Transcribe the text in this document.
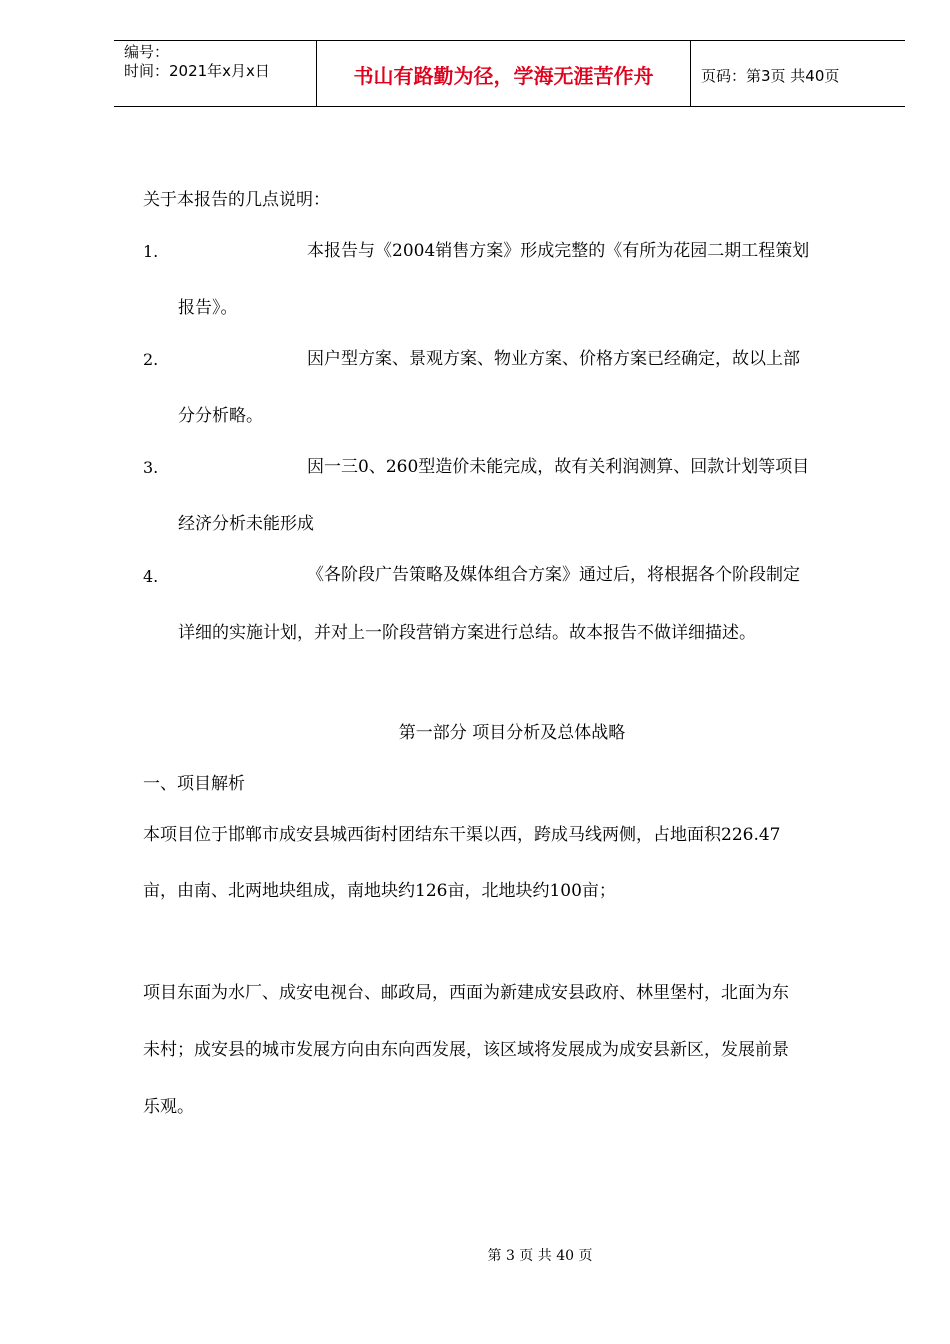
编号：
时间：2021年x月x日	书山有路勤为径，学海无涯苦作舟	页码：第3页 共40页
关于本报告的几点说明：
1.	本报告与《2004销售方案》形成完整的《有所为花园二期工程策划
报告》。
2.	因户型方案、景观方案、物业方案、价格方案已经确定，故以上部
分分析略。
3.	因一三0、260型造价未能完成，故有关利润测算、回款计划等项目
经济分析未能形成
4.	《各阶段广告策略及媒体组合方案》通过后，将根据各个阶段制定
详细的实施计划，并对上一阶段营销方案进行总结。故本报告不做详细描述。
第一部分 项目分析及总体战略
一、项目解析
本项目位于邯郸市成安县城西街村团结东干渠以西，跨成马线两侧，占地面积226.47
亩，由南、北两地块组成，南地块约126亩，北地块约100亩；
项目东面为水厂、成安电视台、邮政局，西面为新建成安县政府、林里堡村，北面为东
未村；成安县的城市发展方向由东向西发展，该区域将发展成为成安县新区，发展前景
乐观。
第 3 页 共 40 页
